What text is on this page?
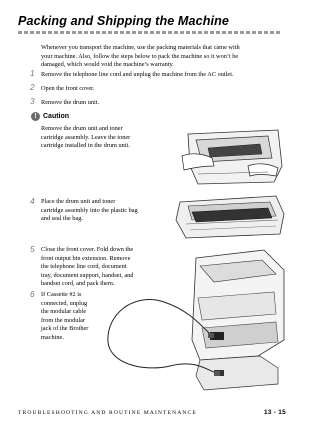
Packing and Shipping the Machine
Whenever you transport the machine, use the packing materials that came with
your machine. Also, follow the steps below to pack the machine so it won’t be
damaged, which would void the machine’s warranty.
1 Remove the telephone line cord and unplug the machine from the AC outlet.
2 Open the front cover.
3 Remove the drum unit.
! Caution
Remove the drum unit and toner
cartridge assembly. Leave the toner
cartridge installed in the drum unit.
4 Place the drum unit and toner
cartridge assembly into the plastic bag
and seal the bag.
5 Close the front cover. Fold down the
front output bin extension. Remove
the telephone line cord, document
tray, document support, handset, and
handset cord, and pack them.
6 If Cassette #2 is
connected, unplug
the modular cable
from the modular
jack of the Brother
machine.
TROUBLESHOOTING AND ROUTINE MAINTENANCE	13 - 15
